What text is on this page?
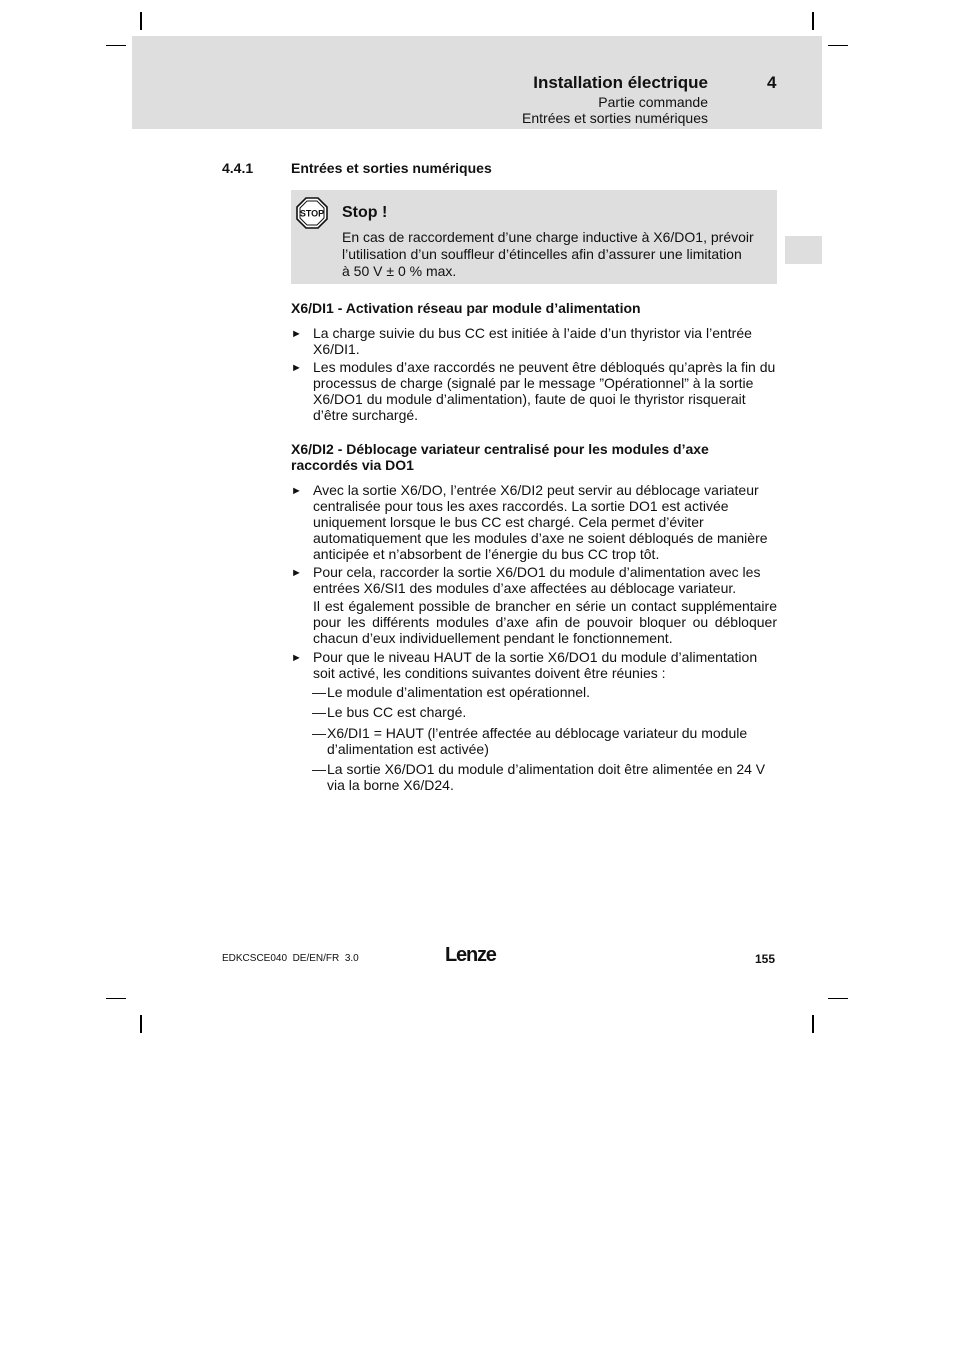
Installation électrique	4
Partie commande
Entrées et sorties numériques
4.4.1	Entrées et sorties numériques
STOP Stop !
En cas de raccordement d’une charge inductive à X6/DO1, prévoir
l’utilisation d’un souffleur d’étincelles afin d’assurer une limitation
à 50 V ± 0 % max.
X6/DI1 - Activation réseau par module d’alimentation
► La charge suivie du bus CC est initiée à l’aide d’un thyristor via l’entrée X6/DI1.
► Les modules d’axe raccordés ne peuvent être débloqués qu’après la fin du processus de charge (signalé par le message ”Opérationnel” à la sortie X6/DO1 du module d’alimentation), faute de quoi le thyristor risquerait d’être surchargé.
X6/DI2 - Déblocage variateur centralisé pour les modules d’axe raccordés via DO1
► Avec la sortie X6/DO, l’entrée X6/DI2 peut servir au déblocage variateur centralisée pour tous les axes raccordés. La sortie DO1 est activée uniquement lorsque le bus CC est chargé. Cela permet d’éviter automatiquement que les modules d’axe ne soient débloqués de manière anticipée et n’absorbent de l’énergie du bus CC trop tôt.
► Pour cela, raccorder la sortie X6/DO1 du module d’alimentation avec les entrées X6/SI1 des modules d’axe affectées au déblocage variateur.
Il est également possible de brancher en série un contact supplémentaire pour les différents modules d’axe afin de pouvoir bloquer ou débloquer chacun d’eux individuellement pendant le fonctionnement.
► Pour que le niveau HAUT de la sortie X6/DO1 du module d’alimentation soit activé, les conditions suivantes doivent être réunies :
— Le module d’alimentation est opérationnel.
— Le bus CC est chargé.
— X6/DI1 = HAUT (l’entrée affectée au déblocage variateur du module d’alimentation est activée)
— La sortie X6/DO1 du module d’alimentation doit être alimentée en 24 V via la borne X6/D24.
EDKCSCE040  DE/EN/FR  3.0	Lenze	155
